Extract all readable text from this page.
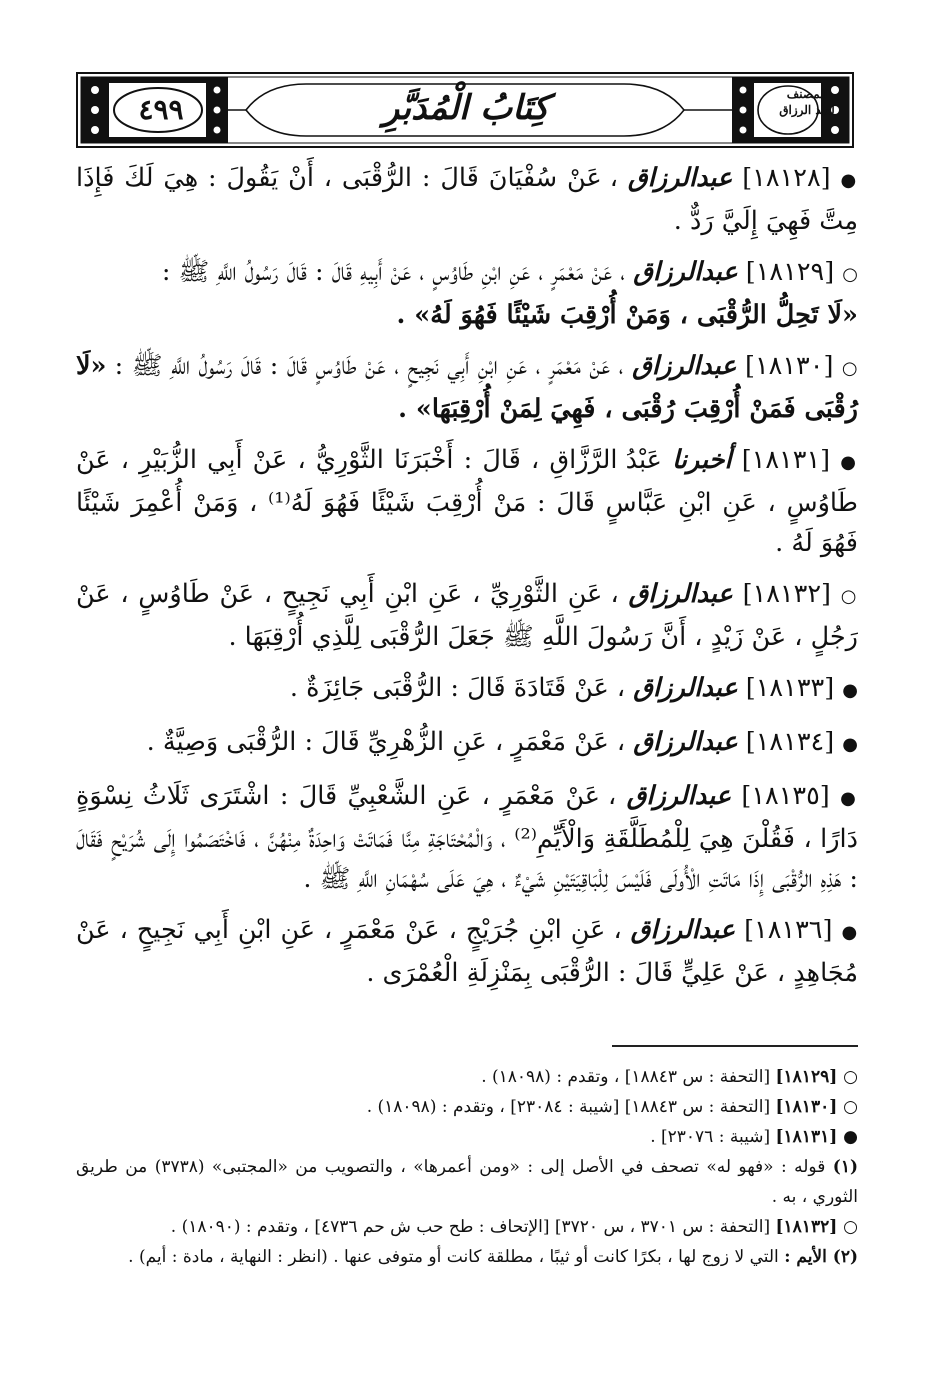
٤٩٩	كِتَابُ الْمُدَبَّرِ	المصنف لعبد الرزاق
● [١٨١٢٨] عبدالرزاق ، عَنْ سُفْيَانَ قَالَ : الرُّقْبَى ، أَنْ يَقُولَ : هِيَ لَكَ فَإِذَا مِتَّ فَهِيَ إِلَيَّ رَدٌّ .
○ [١٨١٢٩] عبدالرزاق ، عَنْ مَعْمَرٍ ، عَنِ ابْنِ طَاوُسٍ ، عَنْ أَبِيهِ قَالَ : قَالَ رَسُولُ اللَّهِ ﷺ :
«لَا تَحِلُّ الرُّقْبَى ، وَمَنْ أُرْقِبَ شَيْئًا فَهُوَ لَهُ» .
○ [١٨١٣٠] عبدالرزاق ، عَنْ مَعْمَرٍ ، عَنِ ابْنِ أَبِي نَجِيحٍ ، عَنْ طَاوُسٍ قَالَ : قَالَ رَسُولُ اللَّهِ ﷺ : «لَا رُقْبَى فَمَنْ أُرْقِبَ رُقْبَى ، فَهِيَ لِمَنْ أُرْقِبَهَا» .
● [١٨١٣١] أخبرنا عَبْدُ الرَّزَّاقِ ، قَالَ : أَخْبَرَنَا الثَّوْرِيُّ ، عَنْ أَبِي الزُّبَيْرِ ، عَنْ طَاوُسٍ ، عَنِ ابْنِ عَبَّاسٍ قَالَ : مَنْ أُرْقِبَ شَيْئًا فَهُوَ لَهُ⁽¹⁾ ، وَمَنْ أُعْمِرَ شَيْئًا فَهُوَ لَهُ .
○ [١٨١٣٢] عبدالرزاق ، عَنِ الثَّوْرِيِّ ، عَنِ ابْنِ أَبِي نَجِيحٍ ، عَنْ طَاوُسٍ ، عَنْ رَجُلٍ ، عَنْ زَيْدٍ ، أَنَّ رَسُولَ اللَّهِ ﷺ جَعَلَ الرُّقْبَى لِلَّذِي أُرْقِبَهَا .
● [١٨١٣٣] عبدالرزاق ، عَنْ قَتَادَةَ قَالَ : الرُّقْبَى جَائِزَةٌ .
● [١٨١٣٤] عبدالرزاق ، عَنْ مَعْمَرٍ ، عَنِ الزُّهْرِيِّ قَالَ : الرُّقْبَى وَصِيَّةٌ .
● [١٨١٣٥] عبدالرزاق ، عَنْ مَعْمَرٍ ، عَنِ الشَّعْبِيِّ قَالَ : اشْتَرَى ثَلَاثُ نِسْوَةٍ دَارًا ، فَقُلْنَ هِيَ لِلْمُطَلَّقَةِ وَالْأَيِّمِ⁽²⁾ ، وَالْمُحْتَاجَةِ مِنَّا فَمَاتَتْ وَاحِدَةٌ مِنْهُنَّ ، فَاخْتَصَمُوا إِلَى شُرَيْحٍ فَقَالَ : هَذِهِ الرُّقْبَى إِذَا مَاتَتِ الْأُولَى فَلَيْسَ لِلْبَاقِيَتَيْنِ شَيْءٌ ، هِيَ عَلَى سُهْمَانِ اللَّهِ ﷺ .
● [١٨١٣٦] عبدالرزاق ، عَنِ ابْنِ جُرَيْجٍ ، عَنْ مَعْمَرٍ ، عَنِ ابْنِ أَبِي نَجِيحٍ ، عَنْ مُجَاهِدٍ ، عَنْ عَلِيٍّ قَالَ : الرُّقْبَى بِمَنْزِلَةِ الْعُمْرَى .
○ [١٨١٢٩] [التحفة : س ١٨٨٤٣] ، وتقدم : (١٨٠٩٨) .
○ [١٨١٣٠] [التحفة : س ١٨٨٤٣] [شيبة : ٢٣٠٨٤] ، وتقدم : (١٨٠٩٨) .
● [١٨١٣١] [شيبة : ٢٣٠٧٦] .
(١) قوله : «فهو له» تصحف في الأصل إلى : «ومن أعمرها» ، والتصويب من «المجتبى» (٣٧٣٨) من طريق الثوري ، به .
○ [١٨١٣٢] [التحفة : س ٣٧٠١ ، س ٣٧٢٠] [الإتحاف : طح حب ش حم ٤٧٣٦] ، وتقدم : (١٨٠٩٠) .
(٢) الأيم : التي لا زوج لها ، بكرًا كانت أو ثيبًا ، مطلقة كانت أو متوفى عنها . (انظر : النهاية ، مادة : أيم) .
